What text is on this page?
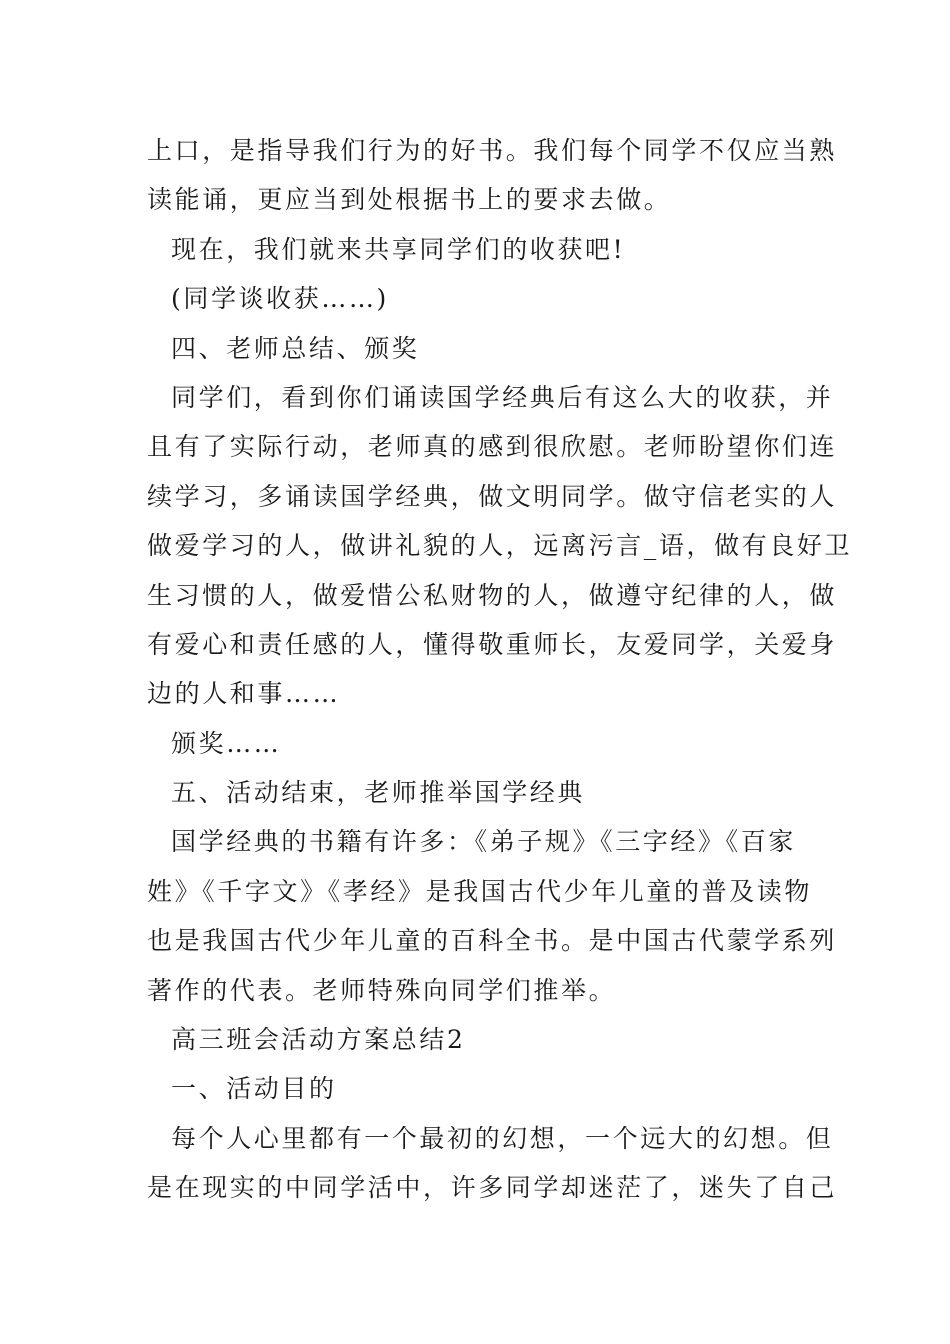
上口，是指导我们行为的好书。我们每个同学不仅应当熟
读能诵，更应当到处根据书上的要求去做。
现在，我们就来共享同学们的收获吧!
(同学谈收获……)
四、老师总结、颁奖
同学们，看到你们诵读国学经典后有这么大的收获，并
且有了实际行动，老师真的感到很欣慰。老师盼望你们连
续学习，多诵读国学经典，做文明同学。做守信老实的人
做爱学习的人，做讲礼貌的人，远离污言_语，做有良好卫
生习惯的人，做爱惜公私财物的人，做遵守纪律的人，做
有爱心和责任感的人，懂得敬重师长，友爱同学，关爱身
边的人和事……
颁奖……
五、活动结束，老师推举国学经典
国学经典的书籍有许多：《弟子规》《三字经》《百家
姓》《千字文》《孝经》是我国古代少年儿童的普及读物
也是我国古代少年儿童的百科全书。是中国古代蒙学系列
著作的代表。老师特殊向同学们推举。
高三班会活动方案总结2
一、活动目的
每个人心里都有一个最初的幻想，一个远大的幻想。但
是在现实的中同学活中，许多同学却迷茫了，迷失了自己
